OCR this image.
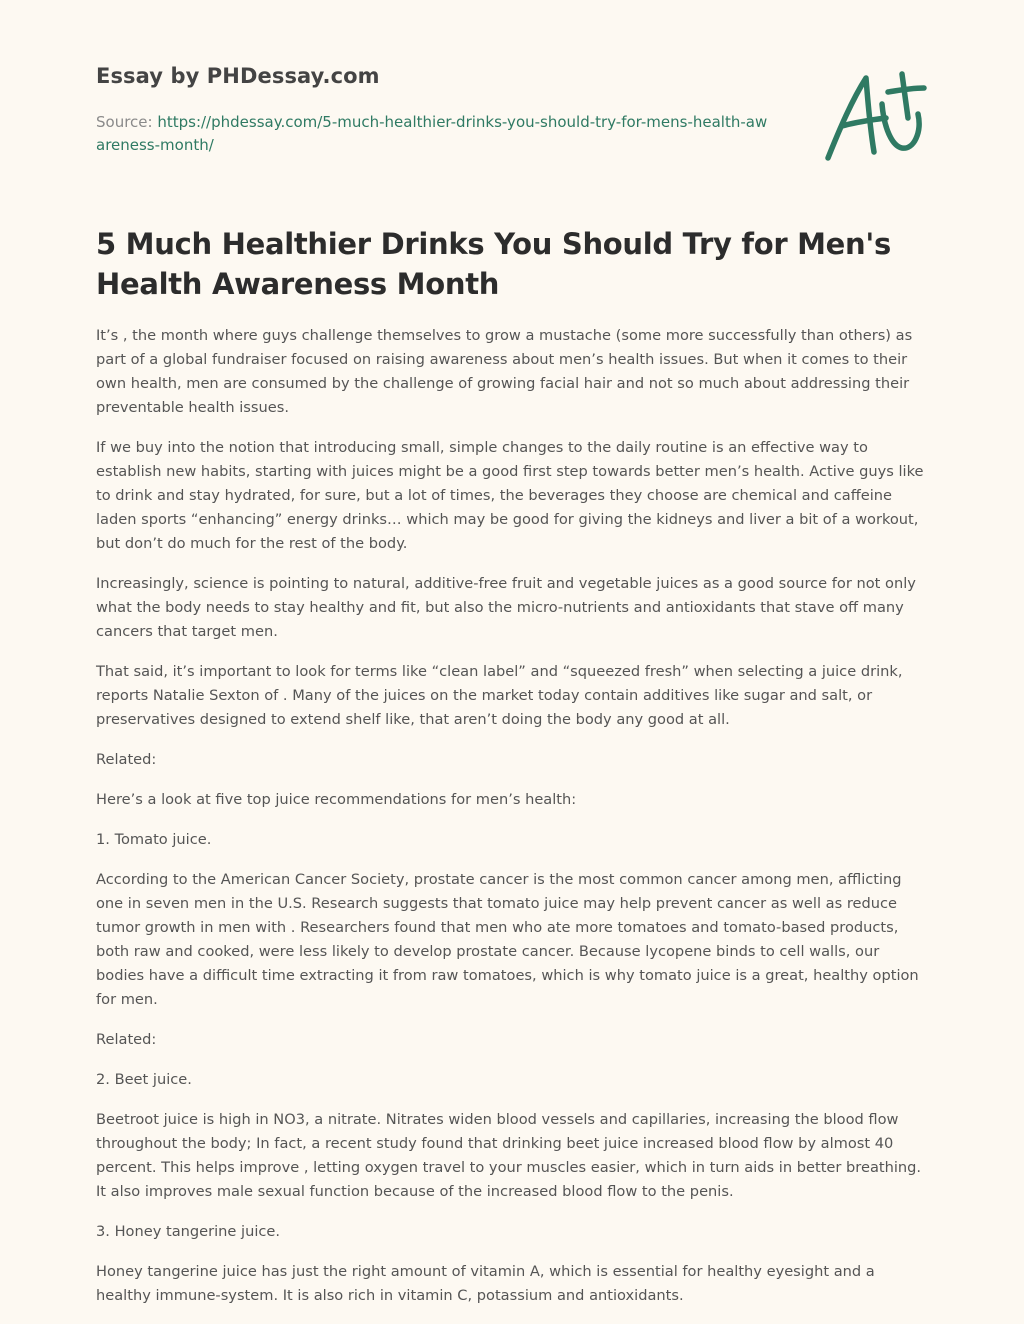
Essay by PHDessay.com
Source: https://phdessay.com/5-much-healthier-drinks-you-should-try-for-mens-health-awareness-month/
5 Much Healthier Drinks You Should Try for Men's Health Awareness Month

It’s , the month where guys challenge themselves to grow a mustache (some more successfully than others) as part of a global fundraiser focused on raising awareness about men’s health issues. But when it comes to their own health, men are consumed by the challenge of growing facial hair and not so much about addressing their preventable health issues.

If we buy into the notion that introducing small, simple changes to the daily routine is an effective way to establish new habits, starting with juices might be a good first step towards better men’s health. Active guys like to drink and stay hydrated, for sure, but a lot of times, the beverages they choose are chemical and caffeine laden sports “enhancing” energy drinks… which may be good for giving the kidneys and liver a bit of a workout, but don’t do much for the rest of the body.

Increasingly, science is pointing to natural, additive-free fruit and vegetable juices as a good source for not only what the body needs to stay healthy and fit, but also the micro-nutrients and antioxidants that stave off many cancers that target men.

That said, it’s important to look for terms like “clean label” and “squeezed fresh” when selecting a juice drink, reports Natalie Sexton of . Many of the juices on the market today contain additives like sugar and salt, or preservatives designed to extend shelf like, that aren’t doing the body any good at all.

Related:

Here’s a look at five top juice recommendations for men’s health:

1. Tomato juice.

According to the American Cancer Society, prostate cancer is the most common cancer among men, afflicting one in seven men in the U.S. Research suggests that tomato juice may help prevent cancer as well as reduce tumor growth in men with . Researchers found that men who ate more tomatoes and tomato-based products, both raw and cooked, were less likely to develop prostate cancer. Because lycopene binds to cell walls, our bodies have a difficult time extracting it from raw tomatoes, which is why tomato juice is a great, healthy option for men.

Related:

2. Beet juice.

Beetroot juice is high in NO3, a nitrate. Nitrates widen blood vessels and capillaries, increasing the blood flow throughout the body; In fact, a recent study found that drinking beet juice increased blood flow by almost 40 percent. This helps improve , letting oxygen travel to your muscles easier, which in turn aids in better breathing. It also improves male sexual function because of the increased blood flow to the penis.

3. Honey tangerine juice.

Honey tangerine juice has just the right amount of vitamin A, which is essential for healthy eyesight and a healthy immune-system. It is also rich in vitamin C, potassium and antioxidants.
